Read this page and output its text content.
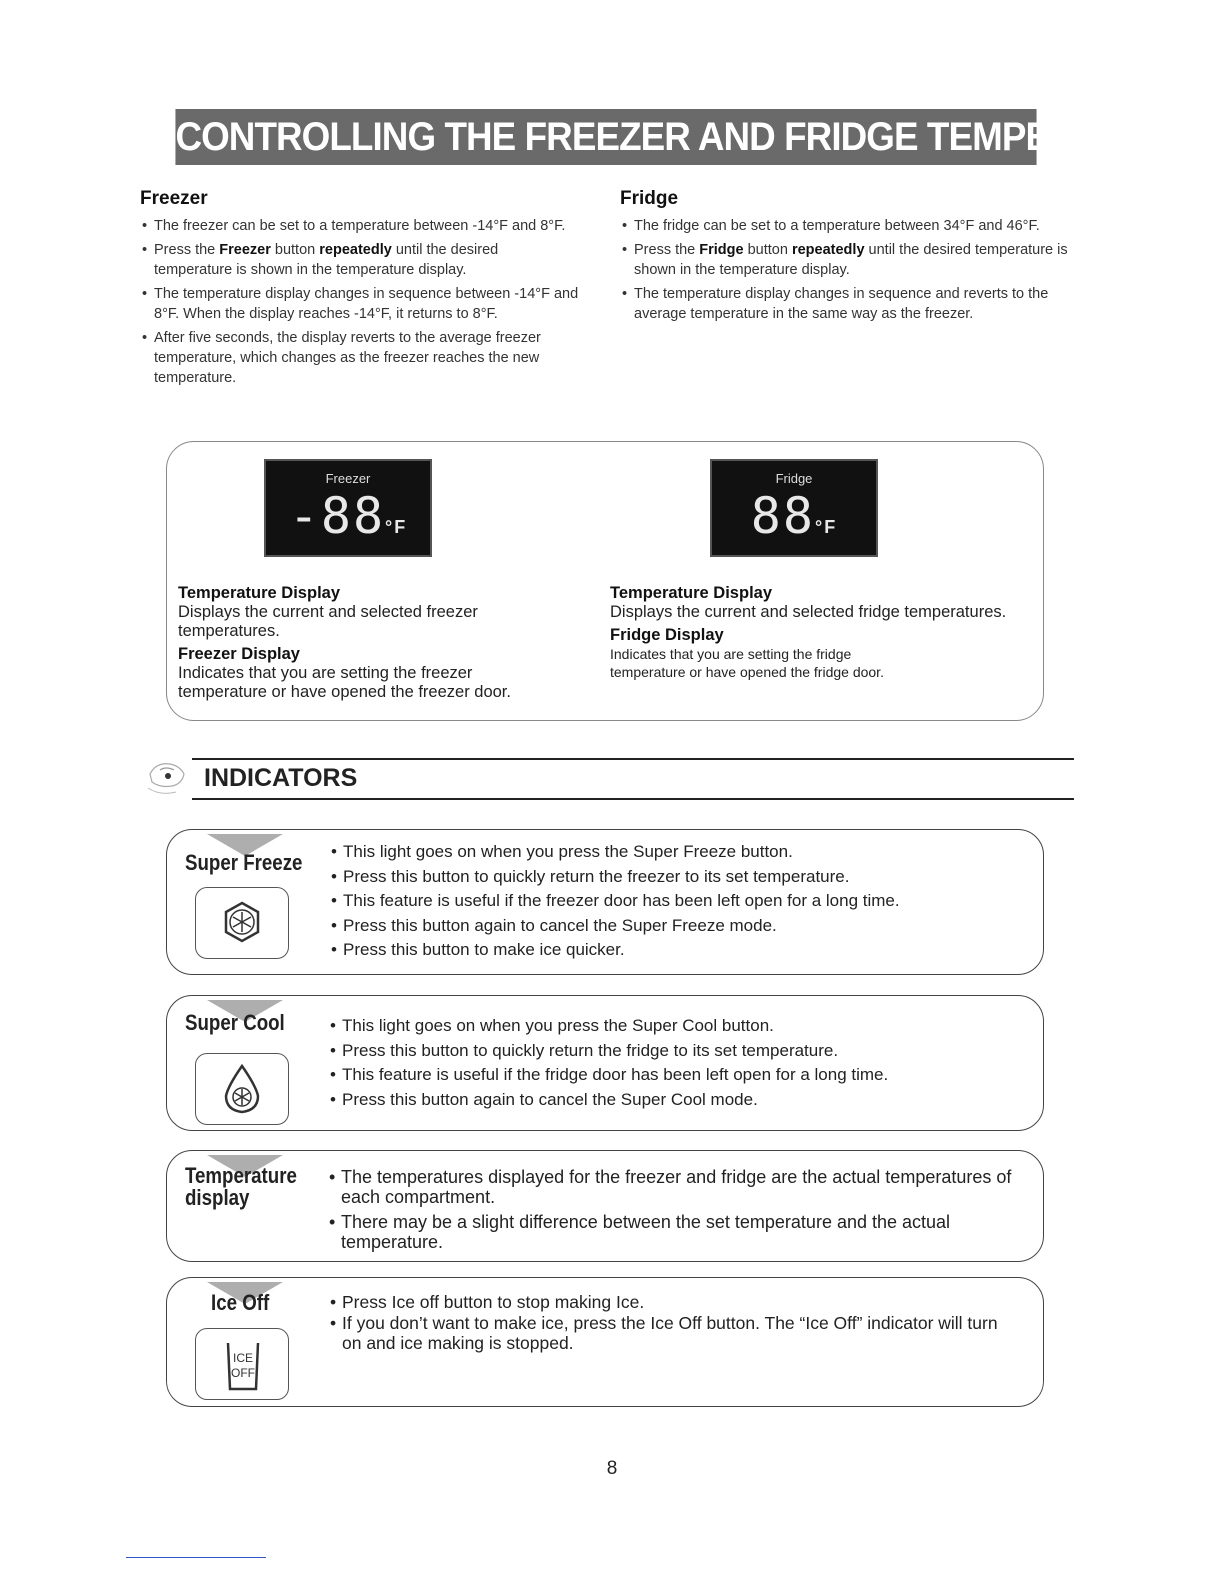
CONTROLLING THE FREEZER AND FRIDGE TEMPERATURES
Freezer
• The freezer can be set to a temperature between -14°F and 8°F.
• Press the Freezer button repeatedly until the desired temperature is shown in the temperature display.
• The temperature display changes in sequence between -14°F and 8°F. When the display reaches -14°F, it returns to 8°F.
• After five seconds, the display reverts to the average freezer temperature, which changes as the freezer reaches the new temperature.
Fridge
• The fridge can be set to a temperature between 34°F and 46°F.
• Press the Fridge button repeatedly until the desired temperature is shown in the temperature display.
• The temperature display changes in sequence and reverts to the average temperature in the same way as the freezer.
Freezer
-88°F
Fridge
88°F
Temperature Display
Displays the current and selected freezer temperatures.
Freezer Display
Indicates that you are setting the freezer temperature or have opened the freezer door.
Temperature Display
Displays the current and selected fridge temperatures.
Fridge Display
Indicates that you are setting the fridge temperature or have opened the fridge door.
INDICATORS
Super Freeze	• This light goes on when you press the Super Freeze button.
• Press this button to quickly return the freezer to its set temperature.
• This feature is useful if the freezer door has been left open for a long time.
• Press this button again to cancel the Super Freeze mode.
• Press this button to make ice quicker.
Super Cool	• This light goes on when you press the Super Cool button.
• Press this button to quickly return the fridge to its set temperature.
• This feature is useful if the fridge door has been left open for a long time.
• Press this button again to cancel the Super Cool mode.
Temperature
display
• The temperatures displayed for the freezer and fridge are the actual temperatures of each compartment.
• There may be a slight difference between the set temperature and the actual temperature.
Ice Off
ICE
OFF
• Press Ice off button to stop making Ice.
• If you don’t want to make ice, press the Ice Off button. The “Ice Off” indicator will turn on and ice making is stopped.
8
